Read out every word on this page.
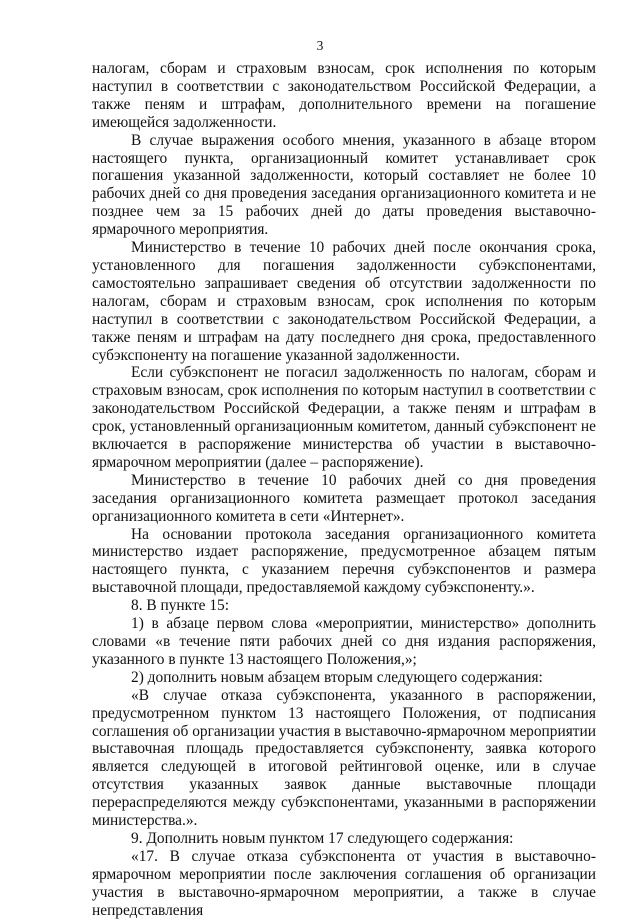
3

налогам, сборам и страховым взносам, срок исполнения по которым наступил в соответствии с законодательством Российской Федерации, а также пеням и штрафам, дополнительного времени на погашение имеющейся задолженности.

В случае выражения особого мнения, указанного в абзаце втором настоящего пункта, организационный комитет устанавливает срок погашения указанной задолженности, который составляет не более 10 рабочих дней со дня проведения заседания организационного комитета и не позднее чем за 15 рабочих дней до даты проведения выставочно-ярмарочного мероприятия.

Министерство в течение 10 рабочих дней после окончания срока, установленного для погашения задолженности субэкспонентами, самостоятельно запрашивает сведения об отсутствии задолженности по налогам, сборам и страховым взносам, срок исполнения по которым наступил в соответствии с законодательством Российской Федерации, а также пеням и штрафам на дату последнего дня срока, предоставленного субэкспоненту на погашение указанной задолженности.

Если субэкспонент не погасил задолженность по налогам, сборам и страховым взносам, срок исполнения по которым наступил в соответствии с законодательством Российской Федерации, а также пеням и штрафам в срок, установленный организационным комитетом, данный субэкспонент не включается в распоряжение министерства об участии в выставочно-ярмарочном мероприятии (далее – распоряжение).

Министерство в течение 10 рабочих дней со дня проведения заседания организационного комитета размещает протокол заседания организационного комитета в сети «Интернет».

На основании протокола заседания организационного комитета министерство издает распоряжение, предусмотренное абзацем пятым настоящего пункта, с указанием перечня субэкспонентов и размера выставочной площади, предоставляемой каждому субэкспоненту.».

8. В пункте 15:

1) в абзаце первом слова «мероприятии, министерство» дополнить словами «в течение пяти рабочих дней со дня издания распоряжения, указанного в пункте 13 настоящего Положения,»;

2) дополнить новым абзацем вторым следующего содержания:

«В случае отказа субэкспонента, указанного в распоряжении, предусмотренном пунктом 13 настоящего Положения, от подписания соглашения об организации участия в выставочно-ярмарочном мероприятии выставочная площадь предоставляется субэкспоненту, заявка которого является следующей в итоговой рейтинговой оценке, или в случае отсутствия указанных заявок данные выставочные площади перераспределяются между субэкспонентами, указанными в распоряжении министерства.».

9. Дополнить новым пунктом 17 следующего содержания:

«17. В случае отказа субэкспонента от участия в выставочно-ярмарочном мероприятии после заключения соглашения об организации участия в выставочно-ярмарочном мероприятии, а также в случае непредставления
